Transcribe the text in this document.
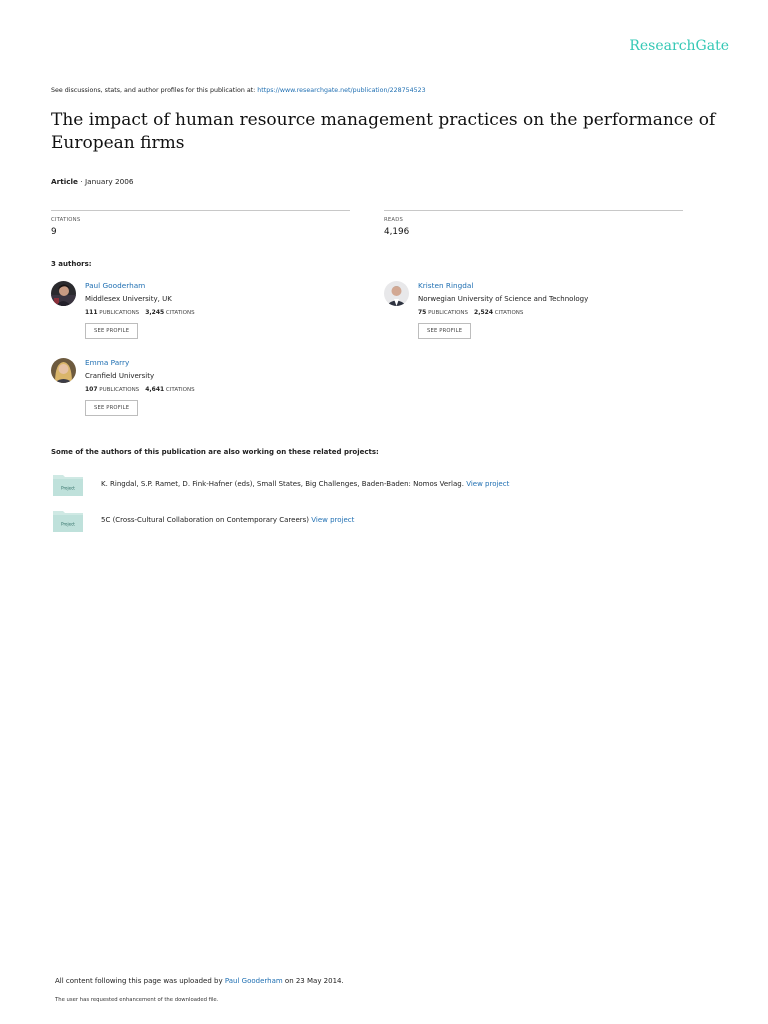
ResearchGate
See discussions, stats, and author profiles for this publication at: https://www.researchgate.net/publication/228754523
The impact of human resource management practices on the performance of European firms
Article · January 2006
CITATIONS
9
READS
4,196
3 authors:
Paul Gooderham
Middlesex University, UK
111 PUBLICATIONS 3,245 CITATIONS
SEE PROFILE
Kristen Ringdal
Norwegian University of Science and Technology
75 PUBLICATIONS 2,524 CITATIONS
SEE PROFILE
Emma Parry
Cranfield University
107 PUBLICATIONS 4,641 CITATIONS
SEE PROFILE
Some of the authors of this publication are also working on these related projects:
Project	K. Ringdal, S.P. Ramet, D. Fink-Hafner (eds), Small States, Big Challenges, Baden-Baden: Nomos Verlag. View project
Project	5C (Cross-Cultural Collaboration on Contemporary Careers) View project
All content following this page was uploaded by Paul Gooderham on 23 May 2014.
The user has requested enhancement of the downloaded file.
